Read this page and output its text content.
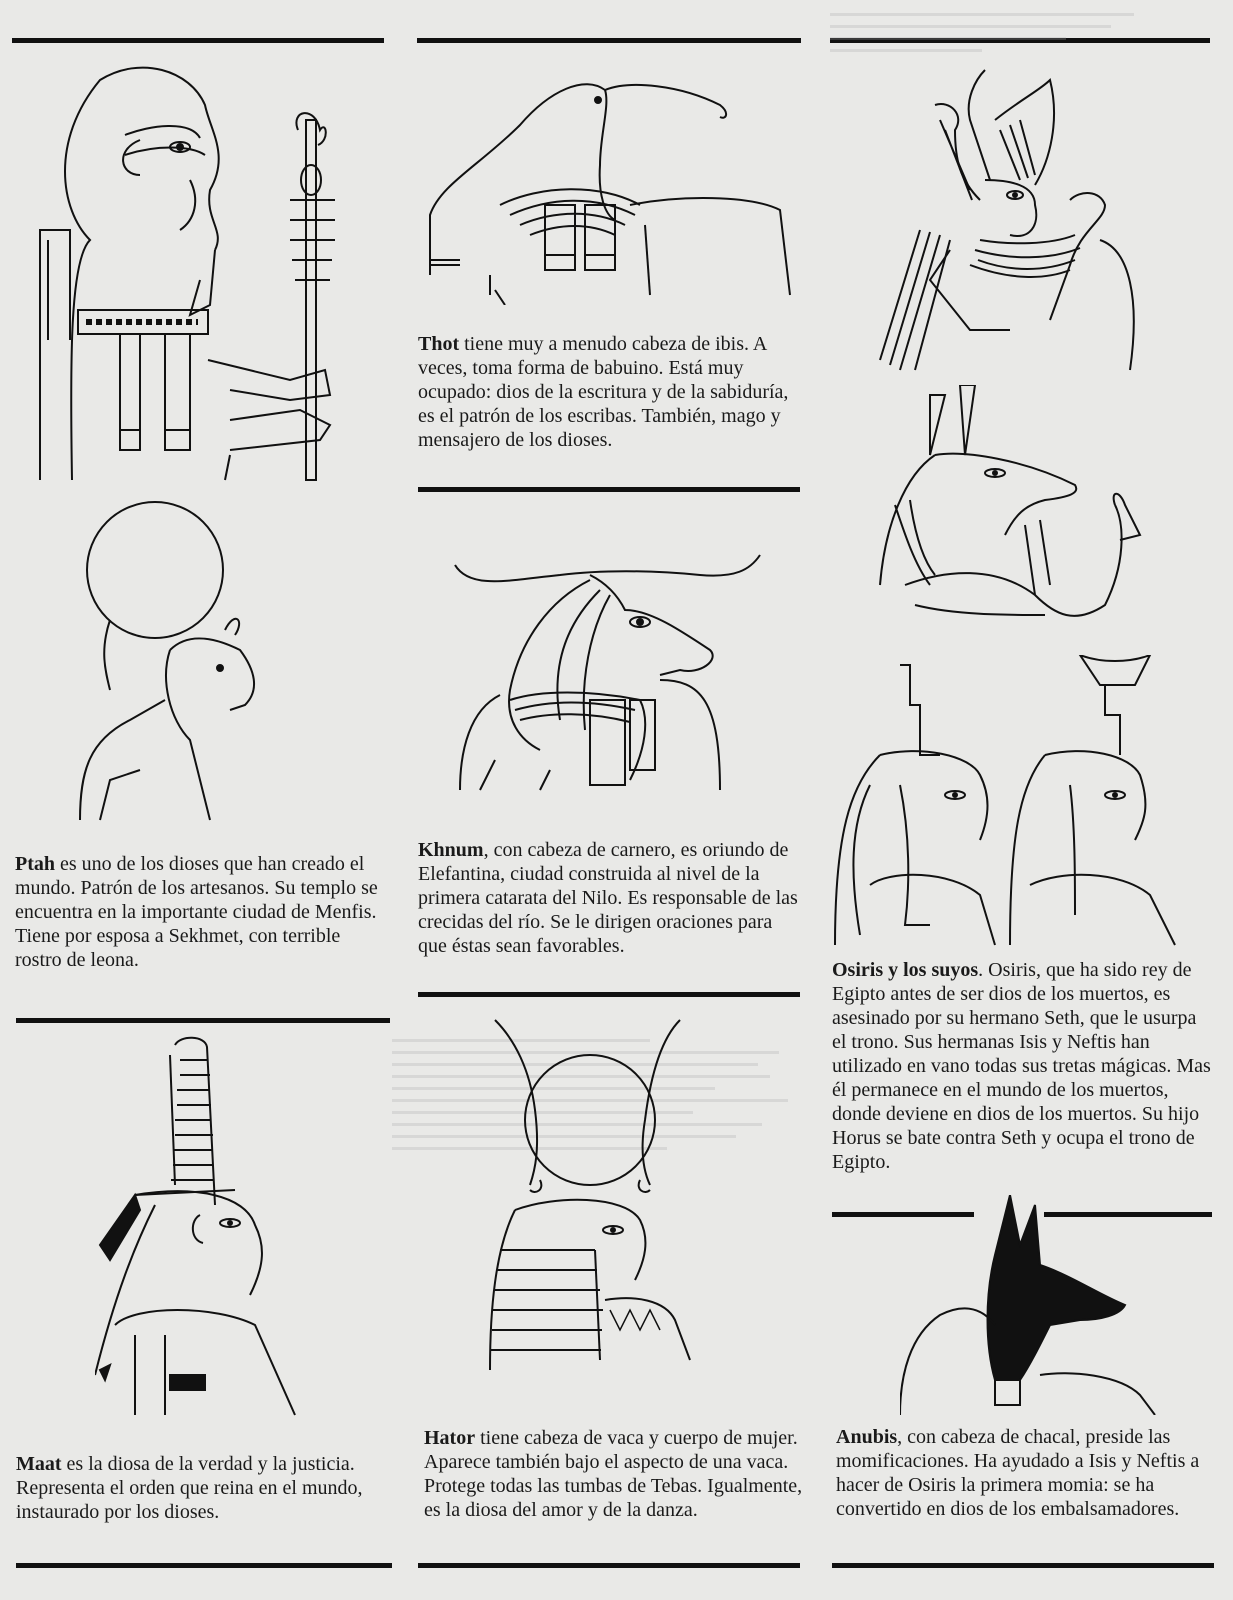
Ptah es uno de los dioses que han creado el mundo. Patrón de los artesanos. Su templo se encuentra en la importante ciudad de Menfis. Tiene por esposa a Sekhmet, con terrible rostro de leona.

Thot tiene muy a menudo cabeza de ibis. A veces, toma forma de babuino. Está muy ocupado: dios de la escritura y de la sabiduría, es el patrón de los escribas. También, mago y mensajero de los dioses.

Khnum, con cabeza de carnero, es oriundo de Elefantina, ciudad construida al nivel de la primera catarata del Nilo. Es responsable de las crecidas del río. Se le dirigen oraciones para que éstas sean favorables.

Osiris y los suyos. Osiris, que ha sido rey de Egipto antes de ser dios de los muertos, es asesinado por su hermano Seth, que le usurpa el trono. Sus hermanas Isis y Neftis han utilizado en vano todas sus tretas mágicas. Mas él permanece en el mundo de los muertos, donde deviene en dios de los muertos. Su hijo Horus se bate contra Seth y ocupa el trono de Egipto.

Maat es la diosa de la verdad y la justicia. Representa el orden que reina en el mundo, instaurado por los dioses.

Hator tiene cabeza de vaca y cuerpo de mujer. Aparece también bajo el aspecto de una vaca. Protege todas las tumbas de Tebas. Igualmente, es la diosa del amor y de la danza.

Anubis, con cabeza de chacal, preside las momificaciones. Ha ayudado a Isis y Neftis a hacer de Osiris la primera momia: se ha convertido en dios de los embalsamadores.
